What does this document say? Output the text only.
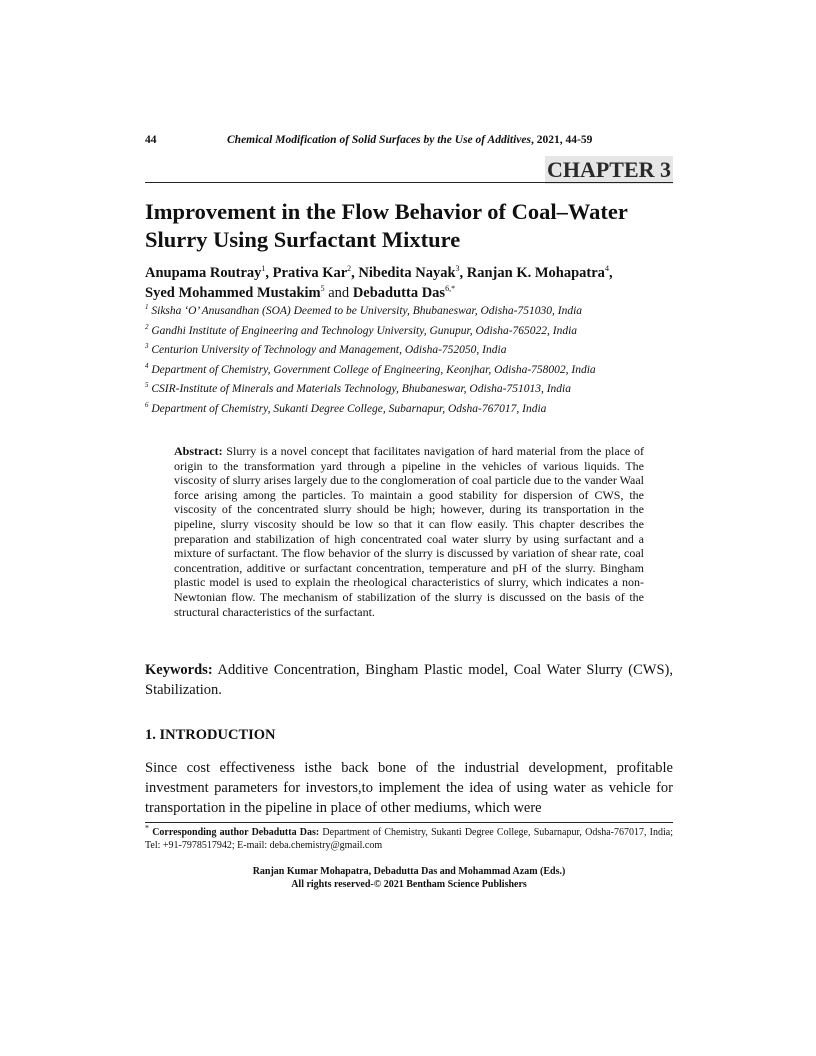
44	Chemical Modification of Solid Surfaces by the Use of Additives, 2021, 44-59
CHAPTER 3
Improvement in the Flow Behavior of Coal–Water
Slurry Using Surfactant Mixture
Anupama Routray$^1$, Prativa Kar$^2$, Nibedita Nayak$^3$, Ranjan K. Mohapatra$^4$,
Syed Mohammed Mustakim$^5$ and Debadutta Das$^{6,*}$
$^1$ Siksha ‘O’ Anusandhan (SOA) Deemed to be University, Bhubaneswar, Odisha-751030, India
$^2$ Gandhi Institute of Engineering and Technology University, Gunupur, Odisha-765022, India
$^3$ Centurion University of Technology and Management, Odisha-752050, India
$^4$ Department of Chemistry, Government College of Engineering, Keonjhar, Odisha-758002, India
$^5$ CSIR-Institute of Minerals and Materials Technology, Bhubaneswar, Odisha-751013, India
$^6$ Department of Chemistry, Sukanti Degree College, Subarnapur, Odsha-767017, India
Abstract: Slurry is a novel concept that facilitates navigation of hard material from the place of origin to the transformation yard through a pipeline in the vehicles of various liquids. The viscosity of slurry arises largely due to the conglomeration of coal particle due to the vander Waal force arising among the particles. To maintain a good stability for dispersion of CWS, the viscosity of the concentrated slurry should be high; however, during its transportation in the pipeline, slurry viscosity should be low so that it can flow easily. This chapter describes the preparation and stabilization of high concentrated coal water slurry by using surfactant and a mixture of surfactant. The flow behavior of the slurry is discussed by variation of shear rate, coal concentration, additive or surfactant concentration, temperature and pH of the slurry. Bingham plastic model is used to explain the rheological characteristics of slurry, which indicates a non-Newtonian flow. The mechanism of stabilization of the slurry is discussed on the basis of the structural characteristics of the surfactant.
Keywords: Additive Concentration, Bingham Plastic model, Coal Water Slurry (CWS), Stabilization.
1. INTRODUCTION
Since cost effectiveness isthe back bone of the industrial development, profitable investment parameters for investors,to implement the idea of using water as vehicle for transportation in the pipeline in place of other mediums, which were
* Corresponding author Debadutta Das: Department of Chemistry, Sukanti Degree College, Subarnapur, Odsha-767017, India; Tel: +91-7978517942; E-mail: deba.chemistry@gmail.com
Ranjan Kumar Mohapatra, Debadutta Das and Mohammad Azam (Eds.)
All rights reserved-© 2021 Bentham Science Publishers
